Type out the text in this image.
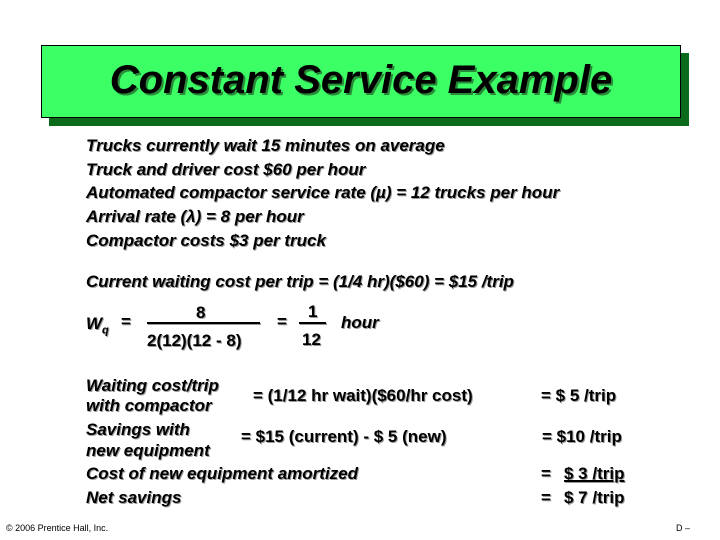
Constant Service Example
Trucks currently wait 15 minutes on average
Truck and driver cost $60 per hour
Automated compactor service rate (µ) = 12 trucks per hour
Arrival rate (λ) = 8 per hour
Compactor costs $3 per truck
Current waiting cost per trip = (1/4 hr)($60) = $15 /trip
$W_q$ =	8
2(12)(12 - 8)
=
1
12
hour
Waiting cost/trip
with compactor
= (1/12 hr wait)($60/hr cost)	= $ 5 /trip
Savings with
new equipment
= $15 (current) - $ 5 (new)	= $10 /trip
Cost of new equipment amortized	= $ 3 /trip
Net savings	= $ 7 /trip
© 2006 Prentice Hall, Inc.	D –
